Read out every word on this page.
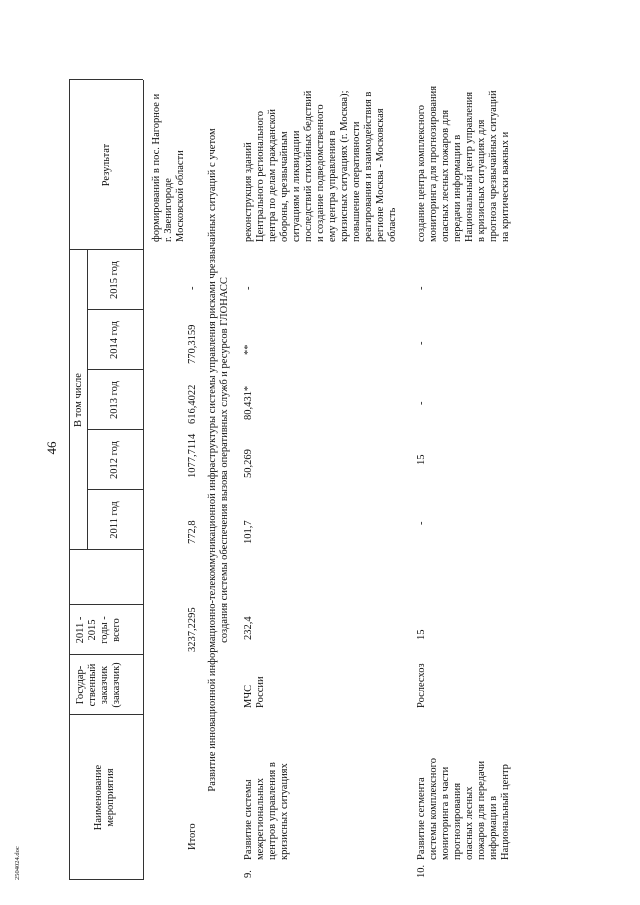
46
2504024.doc
Наименование
мероприятия
Государ-
ственный
заказчик
(заказчик)
2011 -
2015
годы -
всего
В том числе
2011 год
2012 год
2013 год
2014 год
2015 год
Результат
формирований в пос. Нагорное и
г. Звенигороде
Московской области
Итого
3237,2295
772,8
1077,7114
616,4022
770,3159
-
Развитие инновационной информационно-телекоммуникационной инфраструктуры системы управления рисками чрезвычайных ситуаций с учетом
создания системы обеспечения вызова оперативных служб и ресурсов ГЛОНАСС
9.
Развитие системы
межрегиональных
центров управления в
кризисных ситуациях
МЧС
России
232,4
101,7
50,269
80,431*
**
-
реконструкция зданий
Центрального регионального
центра по делам гражданской
обороны, чрезвычайным
ситуациям и ликвидации
последствий стихийных бедствий
и создание подведомственного
ему центра управления в
кризисных ситуациях (г. Москва);
повышение оперативности
реагирования и взаимодействия в
регионе Москва - Московская
область
10.
Развитие сегмента
системы комплексного
мониторинга в части
прогнозирования
опасных лесных
пожаров для передачи
информации в
Национальный центр
Рослесхоз
15
-
15
-
-
-
создание центра комплексного
мониторинга для прогнозирования
опасных лесных пожаров для
передачи информации в
Национальный центр управления
в кризисных ситуациях для
прогноза чрезвычайных ситуаций
на критически важных и
